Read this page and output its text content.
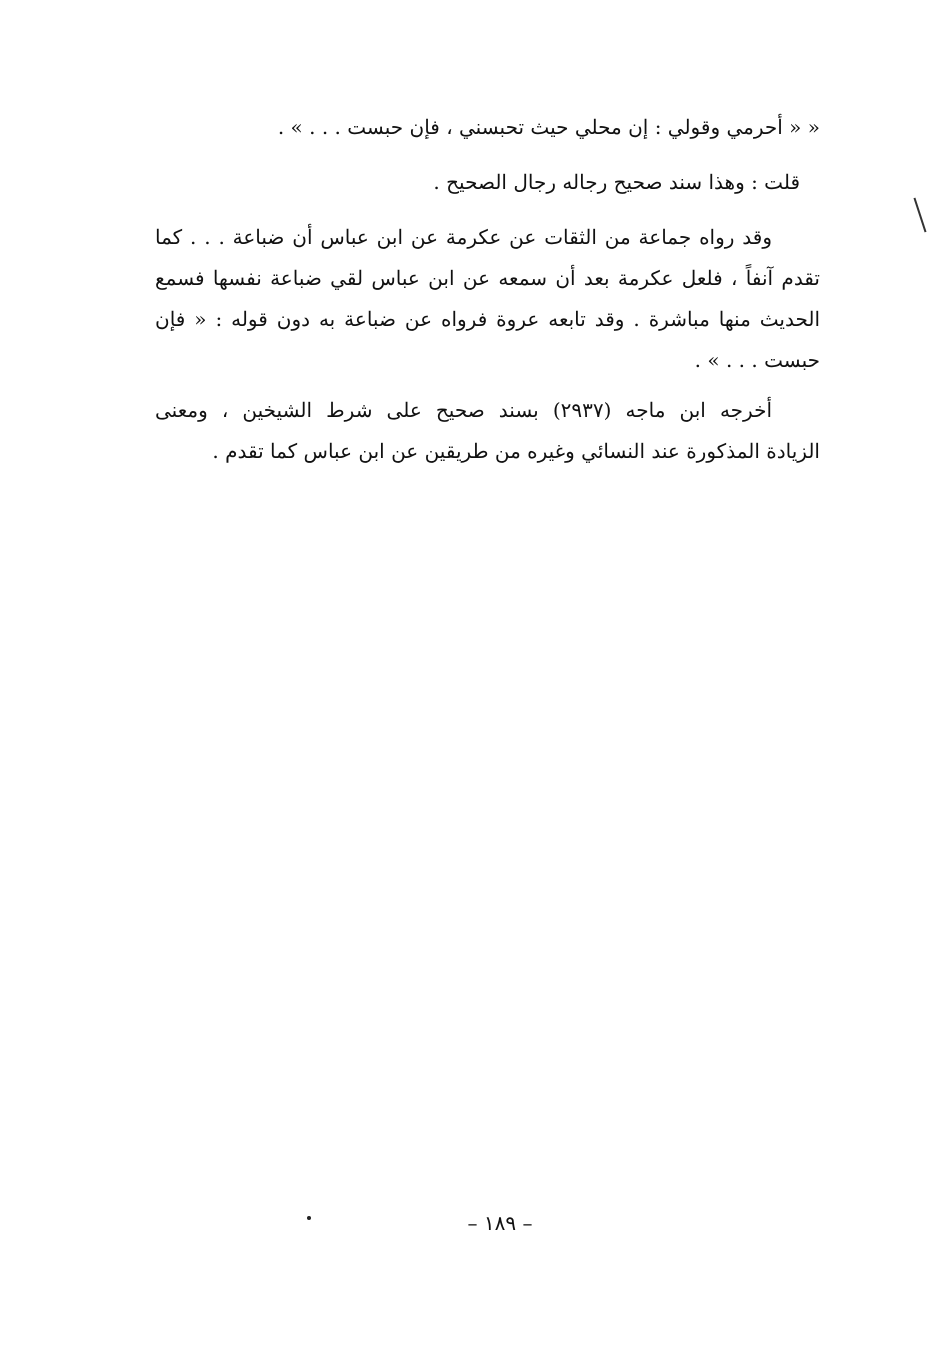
« « أحرمي وقولي : إن محلي حيث تحبسني ، فإن حبست . . . » .
قلت : وهذا سند صحيح رجاله رجال الصحيح .
وقد رواه جماعة من الثقات عن عكرمة عن ابن عباس أن ضباعة . . . كما
تقدم آنفاً ، فلعل عكرمة بعد أن سمعه عن ابن عباس لقي ضباعة نفسها فسمع
الحديث منها مباشرة . وقد تابعه عروة فرواه عن ضباعة به دون قوله : « فإن
حبست . . . » .
أخرجه ابن ماجه (٢٩٣٧) بسند صحيح على شرط الشيخين ، ومعنى
الزيادة المذكورة عند النسائي وغيره من طريقين عن ابن عباس كما تقدم .
– ١٨٩ –
